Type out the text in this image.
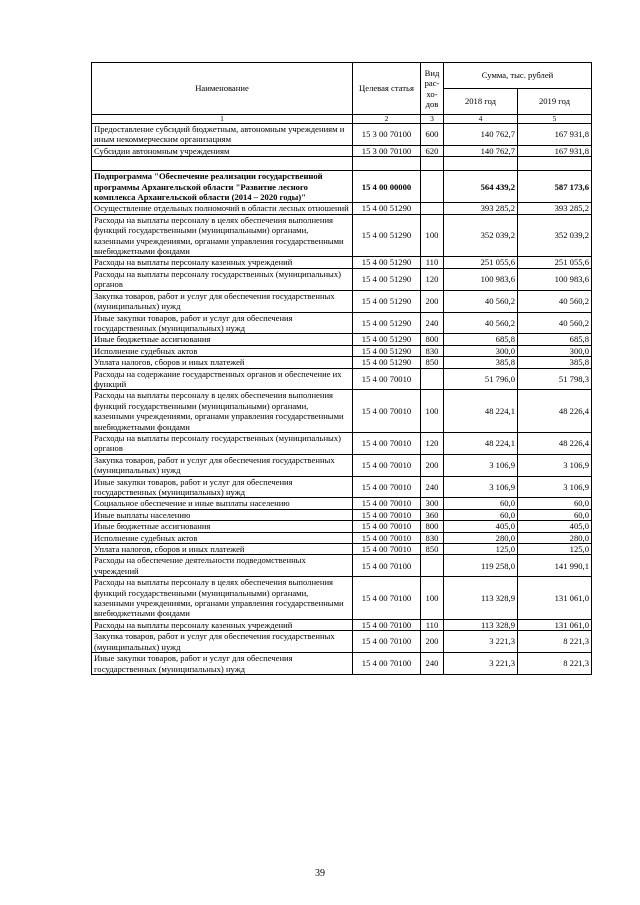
Наименование	Целевая статья	Вид
рас-
хо-
дов	Сумма, тыс. рублей	
			2018 год	2019 год
1	2	3	4	5
Предоставление субсидий бюджетным, автономным учреждениям и иным некоммерческим организациям	15 3 00 70100	600	140 762,7	167 931,8
Субсидии автономным учреждениям	15 3 00 70100	620	140 762,7	167 931,8

Подпрограмма "Обеспечение реализации государственной программы Архангельской области "Развитие лесного комплекса Архангельской области (2014 – 2020 годы)"	15 4 00 00000		564 439,2	587 173,6
Осуществление отдельных полномочий в области лесных отношений	15 4 00 51290		393 285,2	393 285,2
Расходы на выплаты персоналу в целях обеспечения выполнения функций государственными (муниципальными) органами, казенными учреждениями, органами управления государственными внебюджетными фондами	15 4 00 51290	100	352 039,2	352 039,2
Расходы на выплаты персоналу казенных учреждений	15 4 00 51290	110	251 055,6	251 055,6
Расходы на выплаты персоналу государственных (муниципальных) органов	15 4 00 51290	120	100 983,6	100 983,6
Закупка товаров, работ и услуг для обеспечения государственных (муниципальных) нужд	15 4 00 51290	200	40 560,2	40 560,2
Иные закупки товаров, работ и услуг для обеспечения государственных (муниципальных) нужд	15 4 00 51290	240	40 560,2	40 560,2
Иные бюджетные ассигнования	15 4 00 51290	800	685,8	685,8
Исполнение судебных актов	15 4 00 51290	830	300,0	300,0
Уплата налогов, сборов и иных платежей	15 4 00 51290	850	385,8	385,8
Расходы на содержание государственных органов и обеспечение их функций	15 4 00 70010		51 796,0	51 798,3
Расходы на выплаты персоналу в целях обеспечения выполнения функций государственными (муниципальными) органами, казенными учреждениями, органами управления государственными внебюджетными фондами	15 4 00 70010	100	48 224,1	48 226,4
Расходы на выплаты персоналу государственных (муниципальных) органов	15 4 00 70010	120	48 224,1	48 226,4
Закупка товаров, работ и услуг для обеспечения государственных (муниципальных) нужд	15 4 00 70010	200	3 106,9	3 106,9
Иные закупки товаров, работ и услуг для обеспечения государственных (муниципальных) нужд	15 4 00 70010	240	3 106,9	3 106,9
Социальное обеспечение и иные выплаты населению	15 4 00 70010	300	60,0	60,0
Иные выплаты населению	15 4 00 70010	360	60,0	60,0
Иные бюджетные ассигнования	15 4 00 70010	800	405,0	405,0
Исполнение судебных актов	15 4 00 70010	830	280,0	280,0
Уплата налогов, сборов и иных платежей	15 4 00 70010	850	125,0	125,0
Расходы на обеспечение деятельности подведомственных учреждений	15 4 00 70100		119 258,0	141 990,1
Расходы на выплаты персоналу в целях обеспечения выполнения функций государственными (муниципальными) органами, казенными учреждениями, органами управления государственными внебюджетными фондами	15 4 00 70100	100	113 328,9	131 061,0
Расходы на выплаты персоналу казенных учреждений	15 4 00 70100	110	113 328,9	131 061,0
Закупка товаров, работ и услуг для обеспечения государственных (муниципальных) нужд	15 4 00 70100	200	3 221,3	8 221,3
Иные закупки товаров, работ и услуг для обеспечения государственных (муниципальных) нужд	15 4 00 70100	240	3 221,3	8 221,3
39
